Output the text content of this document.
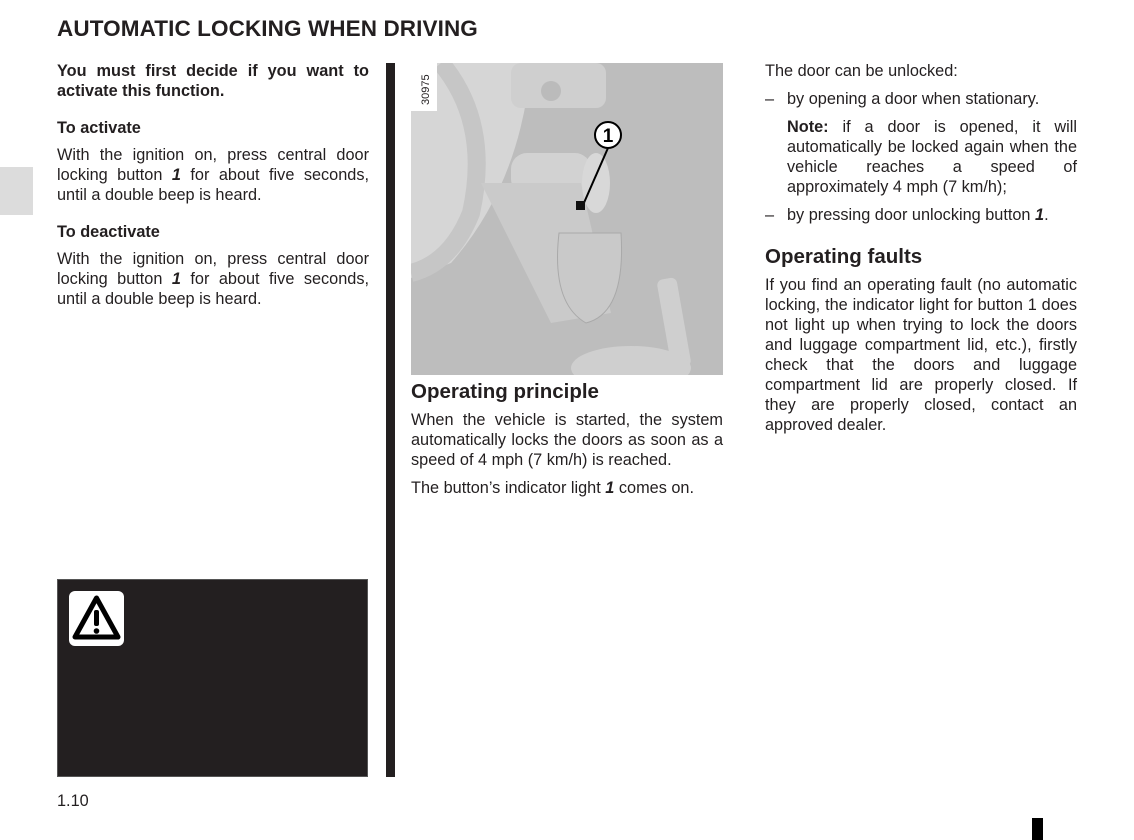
AUTOMATIC LOCKING WHEN DRIVING

You must first decide if you want to activate this function.

To activate

With the ignition on, press central door locking button 1 for about five seconds, until a double beep is heard.

To deactivate

With the ignition on, press central door locking button 1 for about five seconds, until a double beep is heard.

30975
1
Operating principle

When the vehicle is started, the system automatically locks the doors as soon as a speed of 4 mph (7 km/h) is reached.

The button’s indicator light 1 comes on.

The door can be unlocked:

– by opening a door when stationary.

Note: if a door is opened, it will automatically be locked again when the vehicle reaches a speed of approximately 4 mph (7 km/h);

– by pressing door unlocking button 1.
Operating faults

If you find an operating fault (no automatic locking, the indicator light for button 1 does not light up when trying to lock the doors and luggage compartment lid, etc.), firstly check that the doors and luggage compartment lid are properly closed. If they are properly closed, contact an approved dealer.

1.10
